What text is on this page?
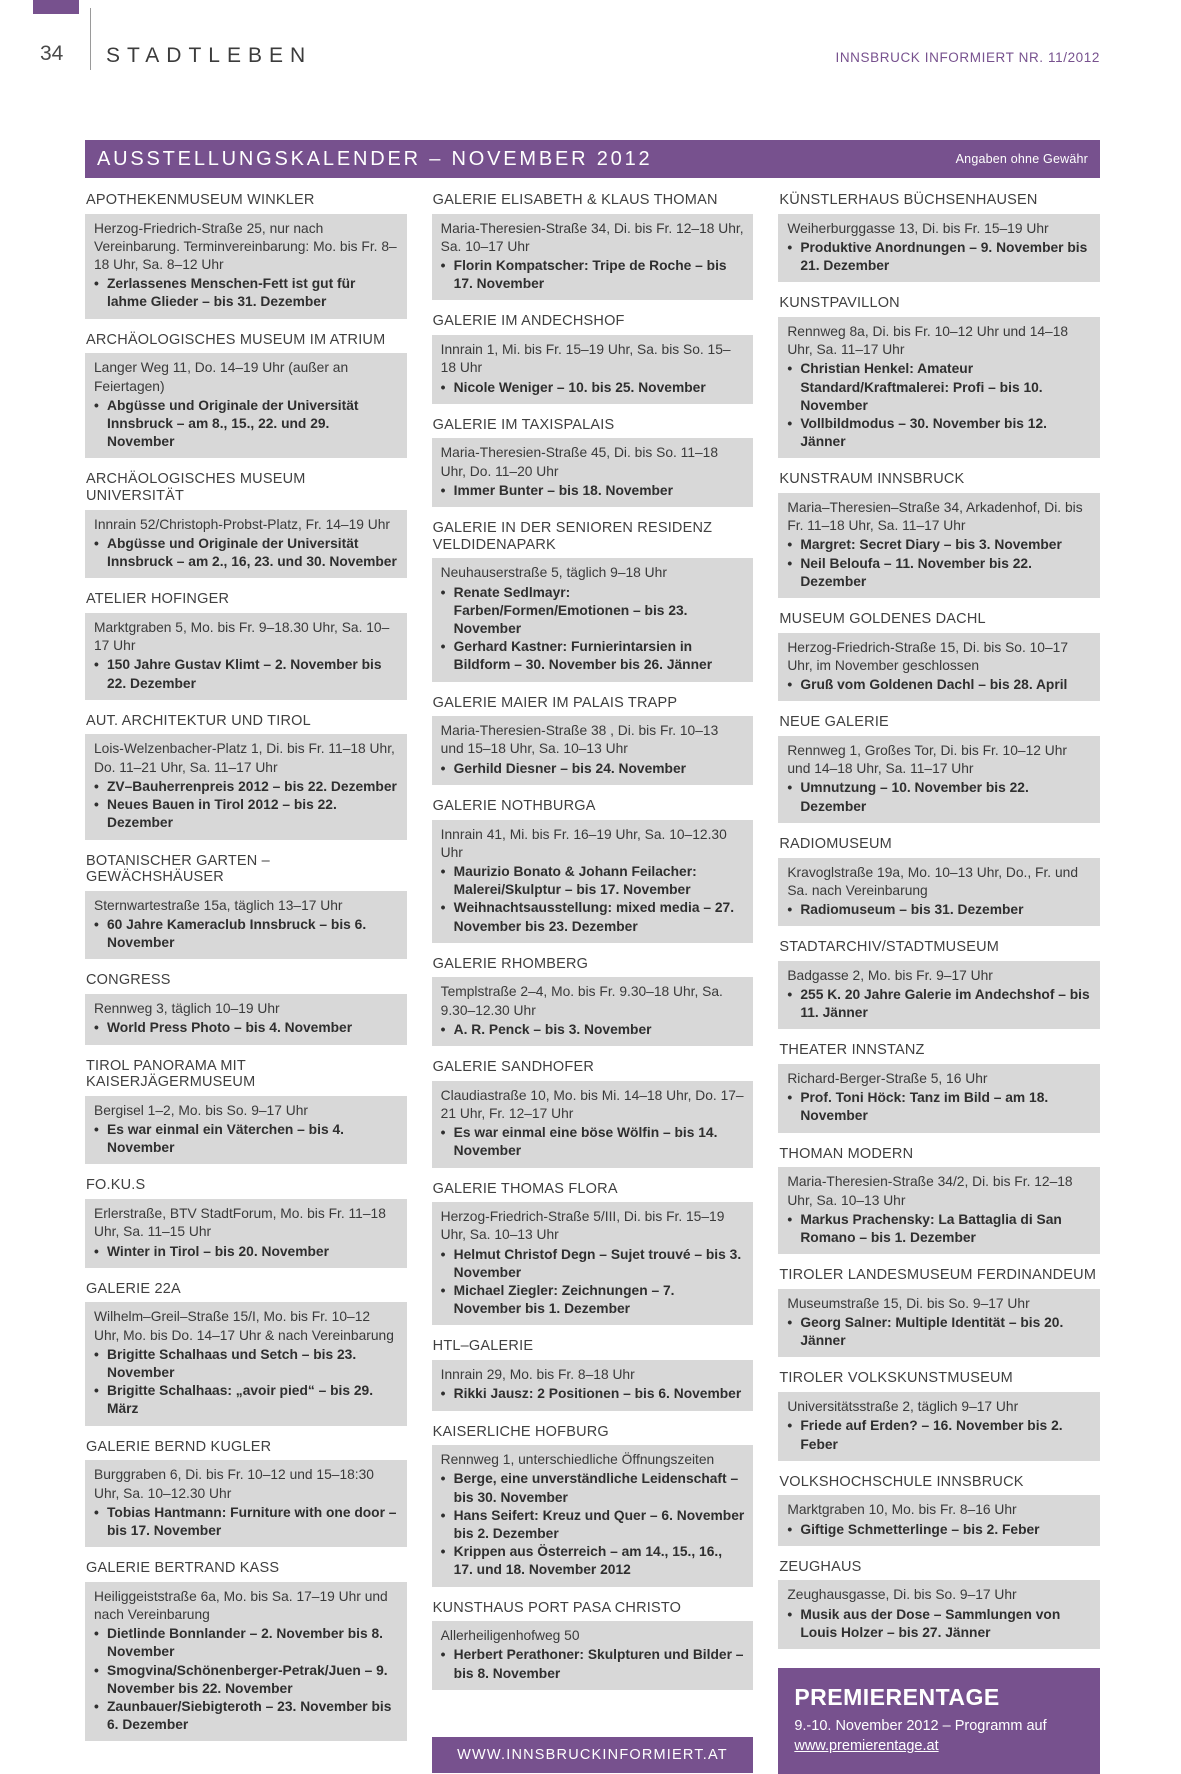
34 STADTLEBEN	INNSBRUCK INFORMIERT NR. 11/2012
AUSSTELLUNGSKALENDER – NOVEMBER 2012	Angaben ohne Gewähr
APOTHEKENMUSEUM WINKLER

Herzog-Friedrich-Straße 25, nur nach Vereinbarung. Terminvereinbarung: Mo. bis Fr. 8–18 Uhr, Sa. 8–12 Uhr

• Zerlassenes Menschen-Fett ist gut für lahme Glieder – bis 31. Dezember
ARCHÄOLOGISCHES MUSEUM IM ATRIUM

Langer Weg 11, Do. 14–19 Uhr (außer an Feiertagen)

• Abgüsse und Originale der Universität Innsbruck – am 8., 15., 22. und 29. November
ARCHÄOLOGISCHES MUSEUM UNIVERSITÄT

Innrain 52/Christoph-Probst-Platz, Fr. 14–19 Uhr

• Abgüsse und Originale der Universität Innsbruck – am 2., 16, 23. und 30. November
ATELIER HOFINGER

Marktgraben 5, Mo. bis Fr. 9–18.30 Uhr, Sa. 10–17 Uhr

• 150 Jahre Gustav Klimt – 2. November bis 22. Dezember
AUT. ARCHITEKTUR UND TIROL

Lois-Welzenbacher-Platz 1, Di. bis Fr. 11–18 Uhr, Do. 11–21 Uhr, Sa. 11–17 Uhr

• ZV–Bauherrenpreis 2012 – bis 22. Dezember
• Neues Bauen in Tirol 2012 – bis 22. Dezember
BOTANISCHER GARTEN – GEWÄCHSHÄUSER

Sternwartestraße 15a, täglich 13–17 Uhr

• 60 Jahre Kameraclub Innsbruck – bis 6. November
CONGRESS

Rennweg 3, täglich 10–19 Uhr

• World Press Photo – bis 4. November
TIROL PANORAMA MIT KAISERJÄGERMUSEUM

Bergisel 1–2, Mo. bis So. 9–17 Uhr

• Es war einmal ein Väterchen – bis 4. November
FO.KU.S

Erlerstraße, BTV StadtForum, Mo. bis Fr. 11–18 Uhr, Sa. 11–15 Uhr

• Winter in Tirol – bis 20. November
GALERIE 22A

Wilhelm–Greil–Straße 15/I, Mo. bis Fr. 10–12 Uhr, Mo. bis Do. 14–17 Uhr & nach Vereinbarung

• Brigitte Schalhaas und Setch – bis 23. November
• Brigitte Schalhaas: „avoir pied“ – bis 29. März
GALERIE BERND KUGLER

Burggraben 6, Di. bis Fr. 10–12 und 15–18:30 Uhr, Sa. 10–12.30 Uhr

• Tobias Hantmann: Furniture with one door – bis 17. November
GALERIE BERTRAND KASS

Heiliggeiststraße 6a, Mo. bis Sa. 17–19 Uhr und nach Vereinbarung

• Dietlinde Bonnlander – 2. November bis 8. November
• Smogvina/Schönenberger-Petrak/Juen – 9. November bis 22. November
• Zaunbauer/Siebigteroth – 23. November bis 6. Dezember
GALERIE ELISABETH & KLAUS THOMAN

Maria-Theresien-Straße 34, Di. bis Fr. 12–18 Uhr, Sa. 10–17 Uhr

• Florin Kompatscher: Tripe de Roche – bis 17. November
GALERIE IM ANDECHSHOF

Innrain 1, Mi. bis Fr. 15–19 Uhr, Sa. bis So. 15–18 Uhr

• Nicole Weniger – 10. bis 25. November
GALERIE IM TAXISPALAIS

Maria-Theresien-Straße 45, Di. bis So. 11–18 Uhr, Do. 11–20 Uhr

• Immer Bunter – bis 18. November
GALERIE IN DER SENIOREN RESIDENZ VELDIDENAPARK

Neuhauserstraße 5, täglich 9–18 Uhr

• Renate Sedlmayr: Farben/Formen/Emotionen – bis 23. November
• Gerhard Kastner: Furnierintarsien in Bildform – 30. November bis 26. Jänner
GALERIE MAIER IM PALAIS TRAPP

Maria-Theresien-Straße 38 , Di. bis Fr. 10–13 und 15–18 Uhr, Sa. 10–13 Uhr

• Gerhild Diesner – bis 24. November
GALERIE NOTHBURGA

Innrain 41, Mi. bis Fr. 16–19 Uhr, Sa. 10–12.30 Uhr

• Maurizio Bonato & Johann Feilacher: Malerei/Skulptur – bis 17. November
• Weihnachtsausstellung: mixed media – 27. November bis 23. Dezember
GALERIE RHOMBERG

Templstraße 2–4, Mo. bis Fr. 9.30–18 Uhr, Sa. 9.30–12.30 Uhr

• A. R. Penck – bis 3. November
GALERIE SANDHOFER

Claudiastraße 10, Mo. bis Mi. 14–18 Uhr, Do. 17–21 Uhr, Fr. 12–17 Uhr

• Es war einmal eine böse Wölfin – bis 14. November
GALERIE THOMAS FLORA

Herzog-Friedrich-Straße 5/III, Di. bis Fr. 15–19 Uhr, Sa. 10–13 Uhr

• Helmut Christof Degn – Sujet trouvé – bis 3. November
• Michael Ziegler: Zeichnungen – 7. November bis 1. Dezember
HTL–GALERIE

Innrain 29, Mo. bis Fr. 8–18 Uhr

• Rikki Jausz: 2 Positionen – bis 6. November
KAISERLICHE HOFBURG

Rennweg 1, unterschiedliche Öffnungszeiten

• Berge, eine unverständliche Leidenschaft – bis 30. November
• Hans Seifert: Kreuz und Quer – 6. November bis 2. Dezember
• Krippen aus Österreich – am 14., 15., 16., 17. und 18. November 2012
KUNSTHAUS PORT PASA CHRISTO

Allerheiligenhofweg 50

• Herbert Perathoner: Skulpturen und Bilder – bis 8. November
WWW.INNSBRUCKINFORMIERT.AT
KÜNSTLERHAUS BÜCHSENHAUSEN

Weiherburggasse 13, Di. bis Fr. 15–19 Uhr

• Produktive Anordnungen – 9. November bis 21. Dezember
KUNSTPAVILLON

Rennweg 8a, Di. bis Fr. 10–12 Uhr und 14–18 Uhr, Sa. 11–17 Uhr

• Christian Henkel: Amateur Standard/Kraftmalerei: Profi – bis 10. November
• Vollbildmodus – 30. November bis 12. Jänner
KUNSTRAUM INNSBRUCK

Maria–Theresien–Straße 34, Arkadenhof, Di. bis Fr. 11–18 Uhr, Sa. 11–17 Uhr

• Margret: Secret Diary – bis 3. November
• Neil Beloufa – 11. November bis 22. Dezember
MUSEUM GOLDENES DACHL

Herzog-Friedrich-Straße 15, Di. bis So. 10–17 Uhr, im November geschlossen

• Gruß vom Goldenen Dachl – bis 28. April
NEUE GALERIE

Rennweg 1, Großes Tor, Di. bis Fr. 10–12 Uhr und 14–18 Uhr, Sa. 11–17 Uhr

• Umnutzung – 10. November bis 22. Dezember
RADIOMUSEUM

Kravoglstraße 19a, Mo. 10–13 Uhr, Do., Fr. und Sa. nach Vereinbarung

• Radiomuseum – bis 31. Dezember
STADTARCHIV/STADTMUSEUM

Badgasse 2, Mo. bis Fr. 9–17 Uhr

• 255 K. 20 Jahre Galerie im Andechshof – bis 11. Jänner
THEATER INNSTANZ

Richard-Berger-Straße 5, 16 Uhr

• Prof. Toni Höck: Tanz im Bild – am 18. November
THOMAN MODERN

Maria-Theresien-Straße 34/2, Di. bis Fr. 12–18 Uhr, Sa. 10–13 Uhr

• Markus Prachensky: La Battaglia di San Romano – bis 1. Dezember
TIROLER LANDESMUSEUM FERDINANDEUM

Museumstraße 15, Di. bis So. 9–17 Uhr

• Georg Salner: Multiple Identität – bis 20. Jänner
TIROLER VOLKSKUNSTMUSEUM

Universitätsstraße 2, täglich 9–17 Uhr

• Friede auf Erden? – 16. November bis 2. Feber
VOLKSHOCHSCHULE INNSBRUCK

Marktgraben 10, Mo. bis Fr. 8–16 Uhr

• Giftige Schmetterlinge – bis 2. Feber
ZEUGHAUS

Zeughausgasse, Di. bis So. 9–17 Uhr

• Musik aus der Dose – Sammlungen von Louis Holzer – bis 27. Jänner
PREMIERENTAGE
9.-10. November 2012 – Programm auf
www.premierentage.at
